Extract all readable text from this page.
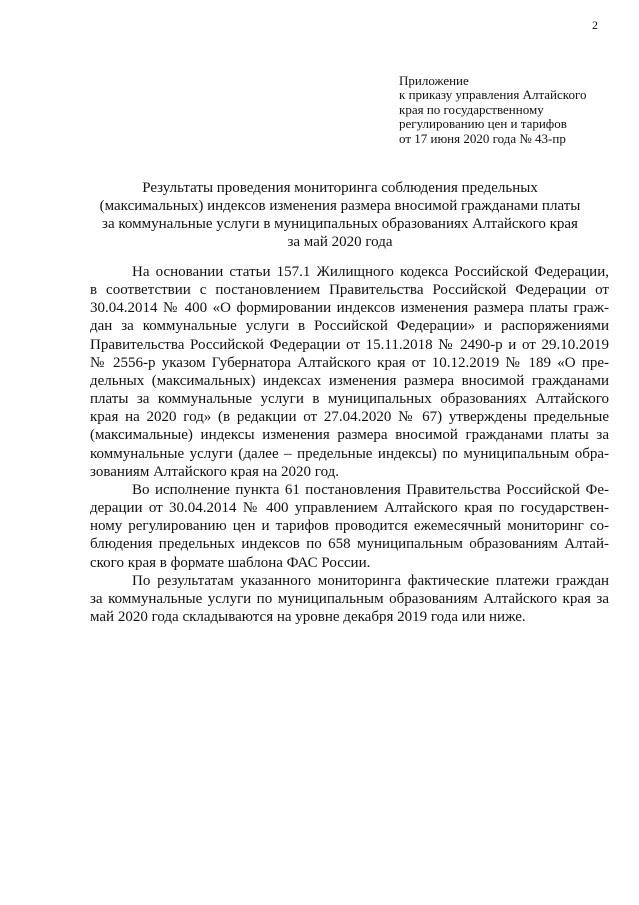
2
Приложение
к приказу управления Алтайского
края по государственному
регулированию цен и тарифов
от 17 июня 2020 года № 43-пр
Результаты проведения мониторинга соблюдения предельных
(максимальных) индексов изменения размера вносимой гражданами платы
за коммунальные услуги в муниципальных образованиях Алтайского края
за май 2020 года
На основании статьи 157.1 Жилищного кодекса Российской Федерации,
в соответствии с постановлением Правительства Российской Федерации от
30.04.2014 № 400 «О формировании индексов изменения размера платы граж-
дан за коммунальные услуги в Российской Федерации» и распоряжениями
Правительства Российской Федерации от 15.11.2018 № 2490-р и от 29.10.2019
№ 2556-р указом Губернатора Алтайского края от 10.12.2019 № 189 «О пре-
дельных (максимальных) индексах изменения размера вносимой гражданами
платы за коммунальные услуги в муниципальных образованиях Алтайского
края на 2020 год» (в редакции от 27.04.2020 № 67) утверждены предельные
(максимальные) индексы изменения размера вносимой гражданами платы за
коммунальные услуги (далее – предельные индексы) по муниципальным обра-
зованиям Алтайского края на 2020 год.
Во исполнение пункта 61 постановления Правительства Российской Фе-
дерации от 30.04.2014 № 400 управлением Алтайского края по государствен-
ному регулированию цен и тарифов проводится ежемесячный мониторинг со-
блюдения предельных индексов по 658 муниципальным образованиям Алтай-
ского края в формате шаблона ФАС России.
По результатам указанного мониторинга фактические платежи граждан
за коммунальные услуги по муниципальным образованиям Алтайского края за
май 2020 года складываются на уровне декабря 2019 года или ниже.
